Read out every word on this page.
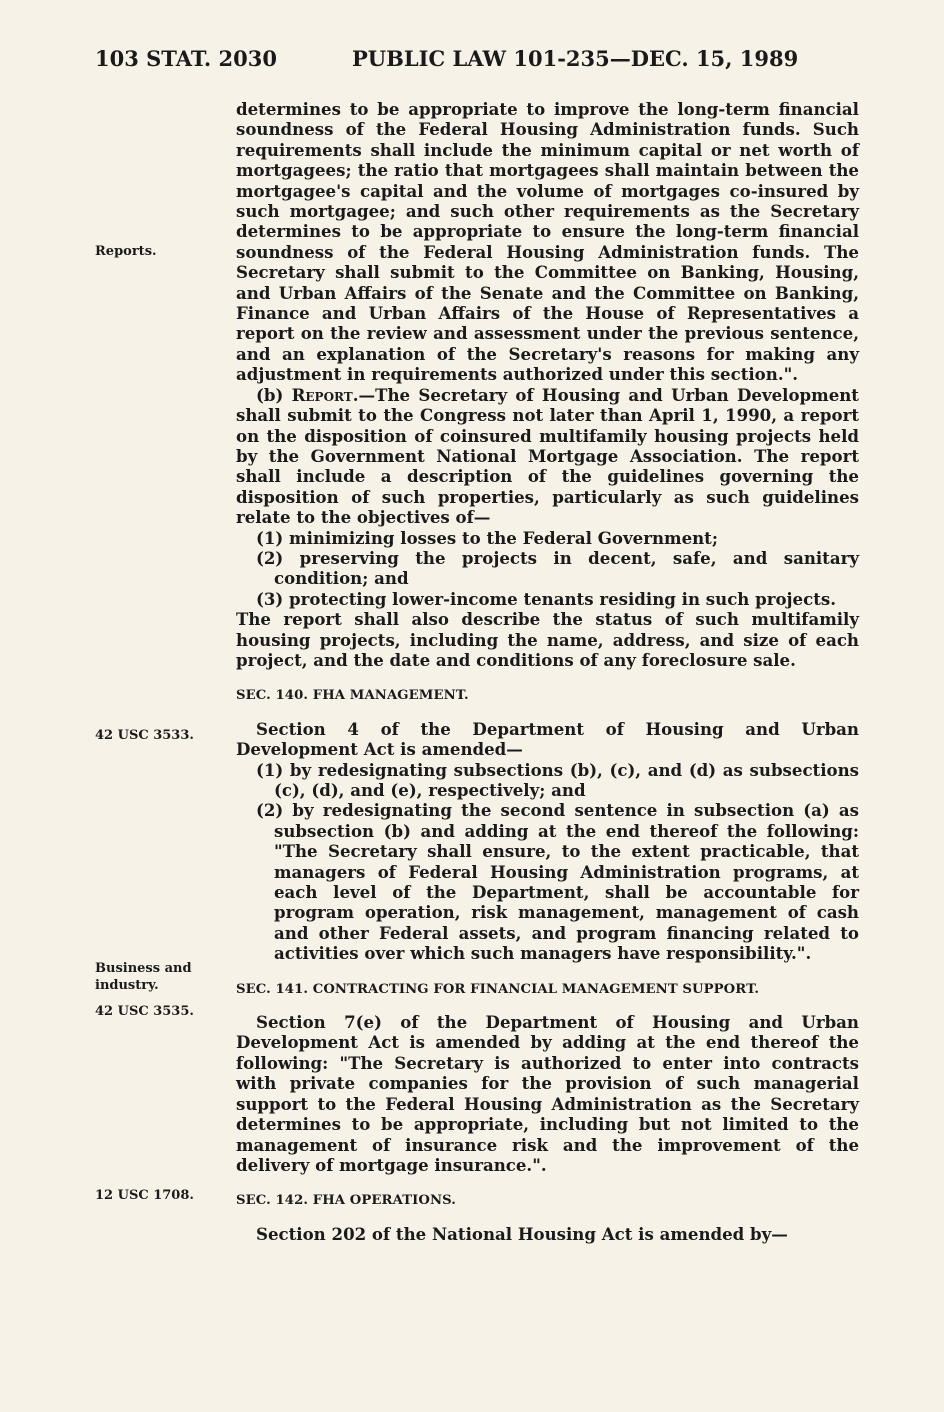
103 STAT. 2030	PUBLIC LAW 101-235—DEC. 15, 1989
Reports.
42 USC 3533.
Business and industry.
42 USC 3535.
12 USC 1708.

determines to be appropriate to improve the long-term financial soundness of the Federal Housing Administration funds. Such requirements shall include the minimum capital or net worth of mortgagees; the ratio that mortgagees shall maintain between the mortgagee's capital and the volume of mortgages co-insured by such mortgagee; and such other requirements as the Secretary determines to be appropriate to ensure the long-term financial soundness of the Federal Housing Administration funds. The Secretary shall submit to the Committee on Banking, Housing, and Urban Affairs of the Senate and the Committee on Banking, Finance and Urban Affairs of the House of Representatives a report on the review and assessment under the previous sentence, and an explanation of the Secretary's reasons for making any adjustment in requirements authorized under this section.".

(b) Report.—The Secretary of Housing and Urban Development shall submit to the Congress not later than April 1, 1990, a report on the disposition of coinsured multifamily housing projects held by the Government National Mortgage Association. The report shall include a description of the guidelines governing the disposition of such properties, particularly as such guidelines relate to the objectives of—

(1) minimizing losses to the Federal Government;

(2) preserving the projects in decent, safe, and sanitary condition; and

(3) protecting lower-income tenants residing in such projects.

The report shall also describe the status of such multifamily housing projects, including the name, address, and size of each project, and the date and conditions of any foreclosure sale.

SEC. 140. FHA MANAGEMENT.

Section 4 of the Department of Housing and Urban Development Act is amended—

(1) by redesignating subsections (b), (c), and (d) as subsections (c), (d), and (e), respectively; and

(2) by redesignating the second sentence in subsection (a) as subsection (b) and adding at the end thereof the following: "The Secretary shall ensure, to the extent practicable, that managers of Federal Housing Administration programs, at each level of the Department, shall be accountable for program operation, risk management, management of cash and other Federal assets, and program financing related to activities over which such managers have responsibility.".

SEC. 141. CONTRACTING FOR FINANCIAL MANAGEMENT SUPPORT.

Section 7(e) of the Department of Housing and Urban Development Act is amended by adding at the end thereof the following: "The Secretary is authorized to enter into contracts with private companies for the provision of such managerial support to the Federal Housing Administration as the Secretary determines to be appropriate, including but not limited to the management of insurance risk and the improvement of the delivery of mortgage insurance.".

SEC. 142. FHA OPERATIONS.

Section 202 of the National Housing Act is amended by—
